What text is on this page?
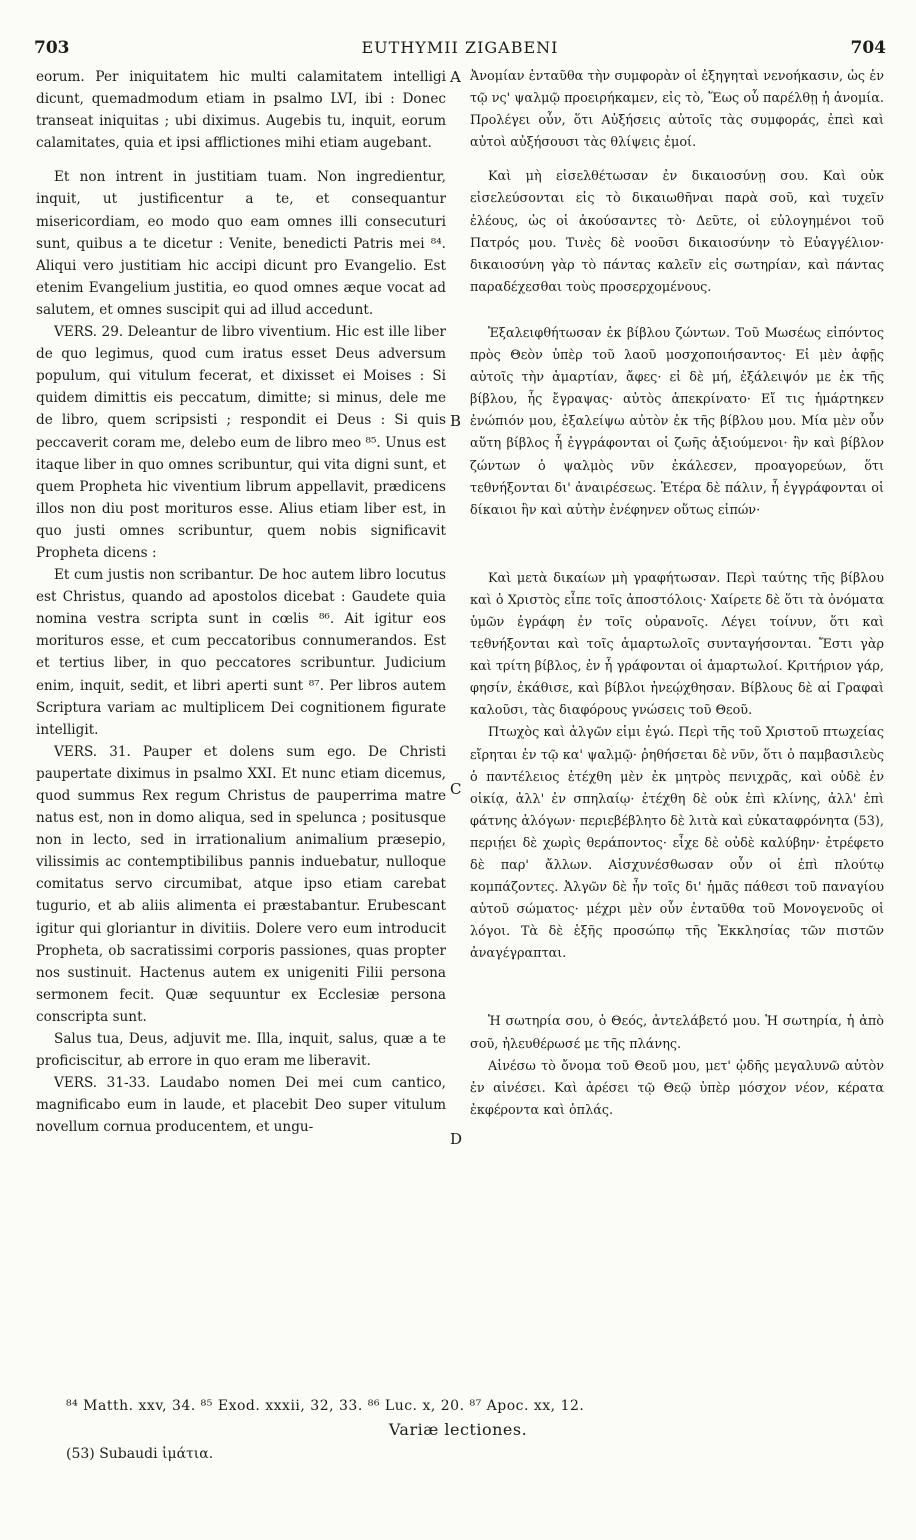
703	EUTHYMII ZIGABENI	704

eorum. Per iniquitatem hic multi calamitatem intelligi dicunt, quemadmodum etiam in psalmo LVI, ibi : Donec transeat iniquitas ; ubi diximus. Augebis tu, inquit, eorum calamitates, quia et ipsi afflictiones mihi etiam augebant.

Et non intrent in justitiam tuam. Non ingredientur, inquit, ut justificentur a te, et consequantur misericordiam, eo modo quo eam omnes illi consecuturi sunt, quibus a te dicetur : Venite, benedicti Patris mei ⁸⁴. Aliqui vero justitiam hic accipi dicunt pro Evangelio. Est etenim Evangelium justitia, eo quod omnes æque vocat ad salutem, et omnes suscipit qui ad illud accedunt.

VERS. 29. Deleantur de libro viventium. Hic est ille liber de quo legimus, quod cum iratus esset Deus adversum populum, qui vitulum fecerat, et dixisset ei Moises : Si quidem dimittis eis peccatum, dimitte; si minus, dele me de libro, quem scripsisti ; respondit ei Deus : Si quis peccaverit coram me, delebo eum de libro meo ⁸⁵. Unus est itaque liber in quo omnes scribuntur, qui vita digni sunt, et quem Propheta hic viventium librum appellavit, prædicens illos non diu post morituros esse. Alius etiam liber est, in quo justi omnes scribuntur, quem nobis significavit Propheta dicens :

Et cum justis non scribantur. De hoc autem libro locutus est Christus, quando ad apostolos dicebat : Gaudete quia nomina vestra scripta sunt in cœlis ⁸⁶. Ait igitur eos morituros esse, et cum peccatoribus connumerandos. Est et tertius liber, in quo peccatores scribuntur. Judicium enim, inquit, sedit, et libri aperti sunt ⁸⁷. Per libros autem Scriptura variam ac multiplicem Dei cognitionem figurate intelligit.

VERS. 31. Pauper et dolens sum ego. De Christi paupertate diximus in psalmo XXI. Et nunc etiam dicemus, quod summus Rex regum Christus de pauperrima matre natus est, non in domo aliqua, sed in spelunca ; positusque non in lecto, sed in irrationalium animalium præsepio, vilissimis ac contemptibilibus pannis induebatur, nulloque comitatus servo circumibat, atque ipso etiam carebat tugurio, et ab aliis alimenta ei præstabantur. Erubescant igitur qui gloriantur in divitiis. Dolere vero eum introducit Propheta, ob sacratissimi corporis passiones, quas propter nos sustinuit. Hactenus autem ex unigeniti Filii persona sermonem fecit. Quæ sequuntur ex Ecclesiæ persona conscripta sunt.

Salus tua, Deus, adjuvit me. Illa, inquit, salus, quæ a te proficiscitur, ab errore in quo eram me liberavit.

VERS. 31-33. Laudabo nomen Dei mei cum cantico, magnificabo eum in laude, et placebit Deo super vitulum novellum cornua producentem, et ungu-

A
B
C
D

Ἀνομίαν ἐνταῦθα τὴν συμφορὰν οἱ ἐξηγηταὶ νενοήκασιν, ὡς ἐν τῷ νς' ψαλμῷ προειρήκαμεν, εἰς τὸ, Ἕως οὗ παρέλθῃ ἡ ἀνομία. Προλέγει οὖν, ὅτι Αὐξήσεις αὐτοῖς τὰς συμφοράς, ἐπεὶ καὶ αὐτοὶ αὐξήσουσι τὰς θλίψεις ἐμοί.

Καὶ μὴ εἰσελθέτωσαν ἐν δικαιοσύνῃ σου. Καὶ οὐκ εἰσελεύσονται εἰς τὸ δικαιωθῆναι παρὰ σοῦ, καὶ τυχεῖν ἐλέους, ὡς οἱ ἀκούσαντες τὸ· Δεῦτε, οἱ εὐλογημένοι τοῦ Πατρός μου. Τινὲς δὲ νοοῦσι δικαιοσύνην τὸ Εὐαγγέλιον· δικαιοσύνη γὰρ τὸ πάντας καλεῖν εἰς σωτηρίαν, καὶ πάντας παραδέχεσθαι τοὺς προσερχομένους.

Ἐξαλειφθήτωσαν ἐκ βίβλου ζώντων. Τοῦ Μωσέως εἰπόντος πρὸς Θεὸν ὑπὲρ τοῦ λαοῦ μοσχοποιήσαντος· Εἰ μὲν ἀφῇς αὐτοῖς τὴν ἁμαρτίαν, ἄφες· εἰ δὲ μή, ἐξάλειψόν με ἐκ τῆς βίβλου, ἧς ἔγραψας· αὐτὸς ἀπεκρίνατο· Εἴ τις ἡμάρτηκεν ἐνώπιόν μου, ἐξαλείψω αὐτὸν ἐκ τῆς βίβλου μου. Μία μὲν οὖν αὕτη βίβλος ἧ ἐγγράφονται οἱ ζωῆς ἀξιούμενοι· ἣν καὶ βίβλον ζώντων ὁ ψαλμὸς νῦν ἐκάλεσεν, προαγορεύων, ὅτι τεθνήξονται δι' ἀναιρέσεως. Ἑτέρα δὲ πάλιν, ἧ ἐγγράφονται οἱ δίκαιοι ἣν καὶ αὐτὴν ἐνέφηνεν οὕτως εἰπών·

Καὶ μετὰ δικαίων μὴ γραφήτωσαν. Περὶ ταύτης τῆς βίβλου καὶ ὁ Χριστὸς εἶπε τοῖς ἀποστόλοις· Χαίρετε δὲ ὅτι τὰ ὀνόματα ὑμῶν ἐγράφη ἐν τοῖς οὐρανοῖς. Λέγει τοίνυν, ὅτι καὶ τεθνήξονται καὶ τοῖς ἁμαρτωλοῖς συνταγήσονται. Ἔστι γὰρ καὶ τρίτη βίβλος, ἐν ἧ γράφονται οἱ ἁμαρτωλοί. Κριτήριον γάρ, φησίν, ἐκάθισε, καὶ βίβλοι ἠνεῴχθησαν. Βίβλους δὲ αἱ Γραφαὶ καλοῦσι, τὰς διαφόρους γνώσεις τοῦ Θεοῦ.

Πτωχὸς καὶ ἀλγῶν εἰμι ἐγώ. Περὶ τῆς τοῦ Χριστοῦ πτωχείας εἴρηται ἐν τῷ κα' ψαλμῷ· ῥηθήσεται δὲ νῦν, ὅτι ὁ παμβασιλεὺς ὁ παντέλειος ἐτέχθη μὲν ἐκ μητρὸς πενιχρᾶς, καὶ οὐδὲ ἐν οἰκίᾳ, ἀλλ' ἐν σπηλαίῳ· ἐτέχθη δὲ οὐκ ἐπὶ κλίνης, ἀλλ' ἐπὶ φάτνης ἀλόγων· περιεβέβλητο δὲ λιτὰ καὶ εὐκαταφρόνητα (53), περιῄει δὲ χωρὶς θεράποντος· εἶχε δὲ οὐδὲ καλύβην· ἐτρέφετο δὲ παρ' ἄλλων. Αἰσχυνέσθωσαν οὖν οἱ ἐπὶ πλούτῳ κομπάζοντες. Ἀλγῶν δὲ ἦν τοῖς δι' ἡμᾶς πάθεσι τοῦ παναγίου αὐτοῦ σώματος· μέχρι μὲν οὖν ἐνταῦθα τοῦ Μονογενοῦς οἱ λόγοι. Τὰ δὲ ἑξῆς προσώπῳ τῆς Ἐκκλησίας τῶν πιστῶν ἀναγέγραπται.

Ἡ σωτηρία σου, ὁ Θεός, ἀντελάβετό μου. Ἡ σωτηρία, ἡ ἀπὸ σοῦ, ἠλευθέρωσέ με τῆς πλάνης.

Αἰνέσω τὸ ὄνομα τοῦ Θεοῦ μου, μετ' ᾠδῆς μεγαλυνῶ αὐτὸν ἐν αἰνέσει. Καὶ ἀρέσει τῷ Θεῷ ὑπὲρ μόσχον νέον, κέρατα ἐκφέροντα καὶ ὁπλάς.

⁸⁴ Matth. xxv, 34. ⁸⁵ Exod. xxxii, 32, 33. ⁸⁶ Luc. x, 20. ⁸⁷ Apoc. xx, 12.
Variæ lectiones.
(53) Subaudi ἱμάτια.
